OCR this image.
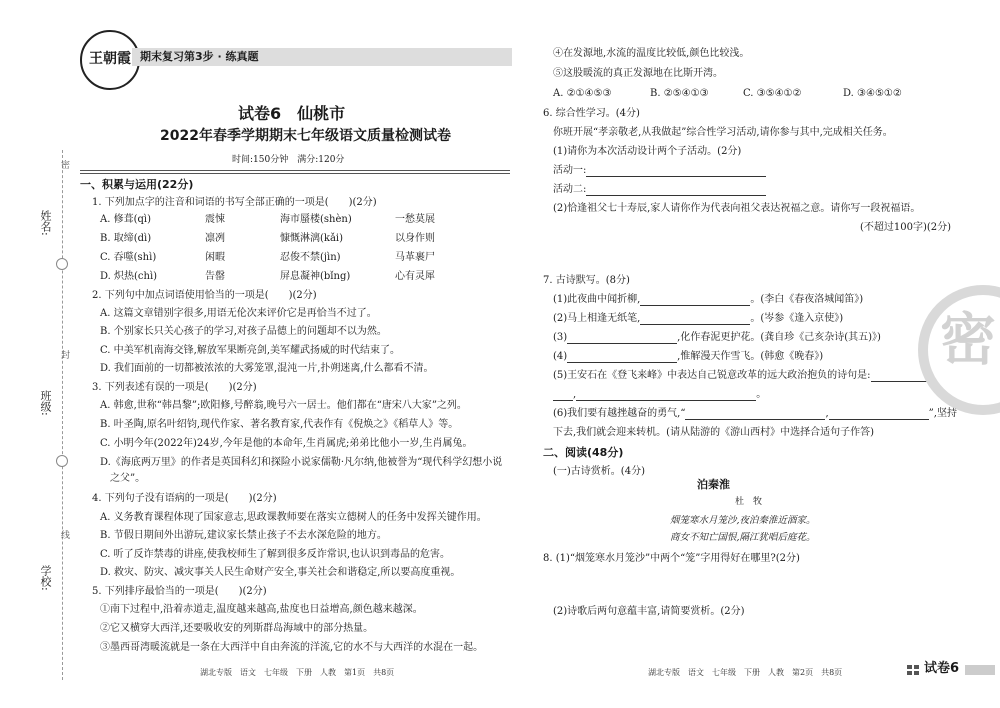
姓名:
班级:
学校:
密
封
线
王朝霞 期末复习第3步 · 练真题
试卷6　仙桃市
2022年春季学期期末七年级语文质量检测试卷
时间:150分钟　满分:120分
一、积累与运用(22分)
1. 下列加点字的注音和词语的书写全部正确的一项是(　　)(2分)
A. 修葺(qì)	震悚	海市蜃楼(shèn)	一愁莫展
B. 取缔(dì)	凛冽	慷慨淋漓(kǎi)	以身作则
C. 吞噬(shì)	闲暇	忍俊不禁(jìn)	马革裹尸
D. 炽热(chì)	告罄	屏息凝神(bǐng)	心有灵犀
2. 下列句中加点词语使用恰当的一项是(　　)(2分)
A. 这篇文章错别字很多,用语无伦次来评价它是再恰当不过了。
B. 个别家长只关心孩子的学习,对孩子品德上的问题却不以为然。
C. 中美军机南海交锋,解放军果断亮剑,美军耀武扬威的时代结束了。
D. 我们面前的一切都被浓浓的大雾笼罩,混沌一片,扑朔迷离,什么都看不清。
3. 下列表述有误的一项是(　　)(2分)
A. 韩愈,世称“韩昌黎”;欧阳修,号醉翁,晚号六一居士。他们都在“唐宋八大家”之列。
B. 叶圣陶,原名叶绍钧,现代作家、著名教育家,代表作有《倪焕之》《稻草人》等。
C. 小明今年(2022年)24岁,今年是他的本命年,生肖属虎;弟弟比他小一岁,生肖属兔。
D.《海底两万里》的作者是英国科幻和探险小说家儒勒·凡尔纳,他被誉为“现代科学幻想小说
　之父”。
4. 下列句子没有语病的一项是(　　)(2分)
A. 义务教育课程体现了国家意志,思政课教师要在落实立德树人的任务中发挥关键作用。
B. 节假日期间外出游玩,建议家长禁止孩子不去水深危险的地方。
C. 听了反诈禁毒的讲座,使我校师生了解到很多反诈常识,也认识到毒品的危害。
D. 救灾、防灾、减灾事关人民生命财产安全,事关社会和谐稳定,所以要高度重视。
5. 下列排序最恰当的一项是(　　)(2分)
①南下过程中,沿着赤道走,温度越来越高,盐度也日益增高,颜色越来越深。
②它又横穿大西洋,还要吸收安的列斯群岛海域中的部分热量。
③墨西哥湾暖流就是一条在大西洋中自由奔流的洋流,它的水不与大西洋的水混在一起。
湖北专版　语文　七年级　下册　人教　第1页　共8页
④在发源地,水流的温度比较低,颜色比较浅。
⑤这股暖流的真正发源地在比斯开湾。
A. ②①④⑤③	B. ②⑤④①③	C. ③⑤④①②	D. ③④⑤①②
6. 综合性学习。(4分)
你班开展“孝亲敬老,从我做起”综合性学习活动,请你参与其中,完成相关任务。
(1)请你为本次活动设计两个子活动。(2分)
活动一:
活动二:
(2)恰逢祖父七十寿辰,家人请你作为代表向祖父表达祝福之意。请你写一段祝福语。
(不超过100字)(2分)
7. 古诗默写。(8分)
(1)此夜曲中闻折柳,	。(李白《春夜洛城闻笛》)
(2)马上相逢无纸笔,	。(岑参《逢入京使》)
(3)	,化作春泥更护花。(龚自珍《己亥杂诗(其五)》)
(4)	,惟解漫天作雪飞。(韩愈《晚春》)
(5)王安石在《登飞来峰》中表达自己锐意改革的远大政治抱负的诗句是:
,	。
(6)我们要有越挫越奋的勇气,“	,	”,坚持
下去,我们就会迎来转机。(请从陆游的《游山西村》中选择合适句子作答)
二、阅读(48分)
(一)古诗赏析。(4分)
泊秦淮
杜　牧
烟笼寒水月笼沙,夜泊秦淮近酒家。
商女不知亡国恨,隔江犹唱后庭花。
8. (1)“烟笼寒水月笼沙”中两个“笼”字用得好在哪里?(2分)
(2)诗歌后两句意蕴丰富,请简要赏析。(2分)
湖北专版　语文　七年级　下册　人教　第2页　共8页	试卷6
密
